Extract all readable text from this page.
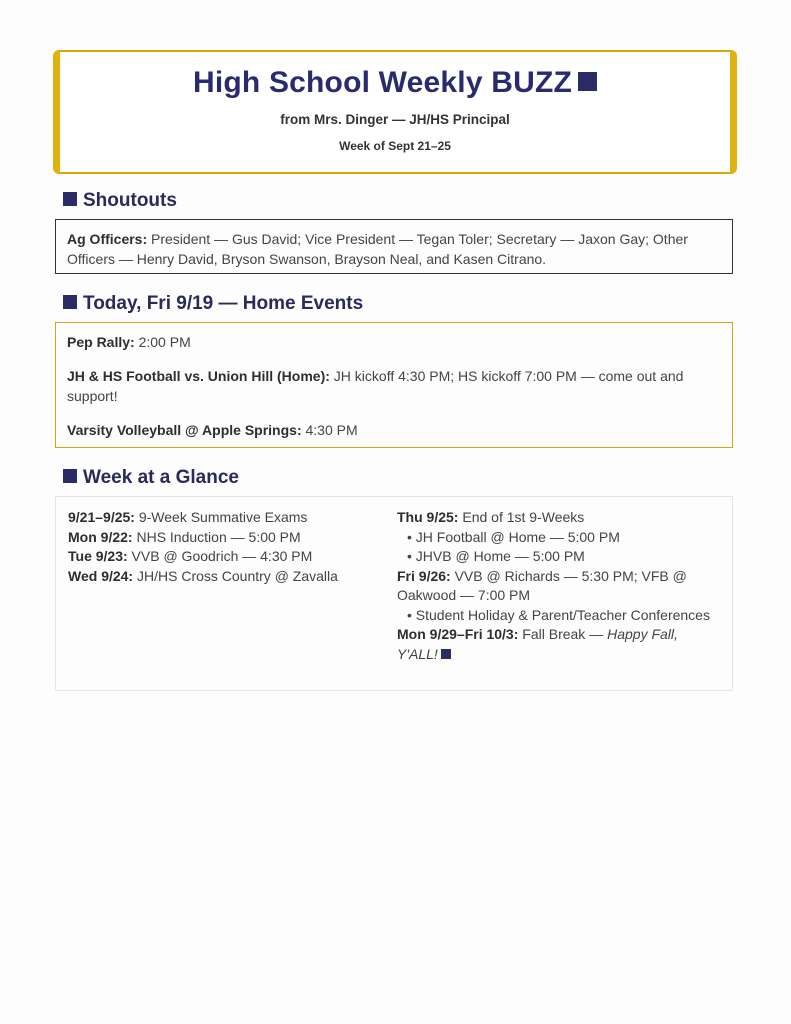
High School Weekly BUZZ
from Mrs. Dinger — JH/HS Principal
Week of Sept 21–25
Shoutouts
Ag Officers: President — Gus David; Vice President — Tegan Toler; Secretary — Jaxon Gay; Other Officers — Henry David, Bryson Swanson, Brayson Neal, and Kasen Citrano.
Today, Fri 9/19 — Home Events

Pep Rally: 2:00 PM

JH & HS Football vs. Union Hill (Home): JH kickoff 4:30 PM; HS kickoff 7:00 PM — come out and support!

Varsity Volleyball @ Apple Springs: 4:30 PM

Week at a Glance
9/21–9/25: 9-Week Summative Exams
Mon 9/22: NHS Induction — 5:00 PM
Tue 9/23: VVB @ Goodrich — 4:30 PM
Wed 9/24: JH/HS Cross Country @ Zavalla
Thu 9/25: End of 1st 9-Weeks
• JH Football @ Home — 5:00 PM
• JHVB @ Home — 5:00 PM
Fri 9/26: VVB @ Richards — 5:30 PM; VFB @ Oakwood — 7:00 PM
• Student Holiday & Parent/Teacher Conferences
Mon 9/29–Fri 10/3: Fall Break — Happy Fall, Y'ALL!
